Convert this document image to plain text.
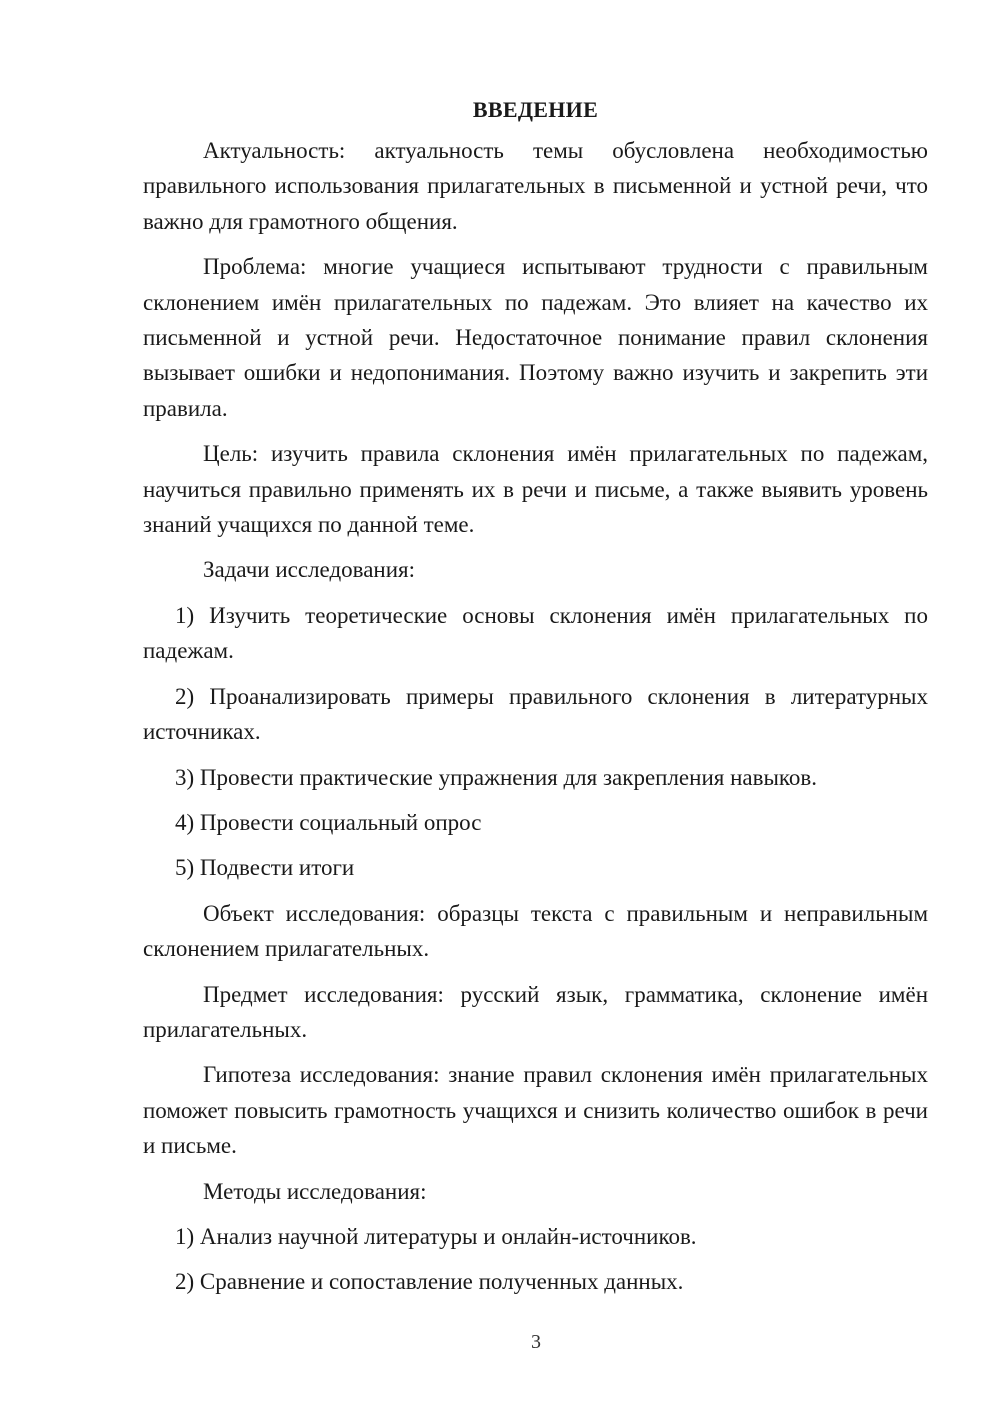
ВВЕДЕНИЕ

Актуальность: актуальность темы обусловлена необходимостью правильного использования прилагательных в письменной и устной речи, что важно для грамотного общения.

Проблема: многие учащиеся испытывают трудности с правильным склонением имён прилагательных по падежам. Это влияет на качество их письменной и устной речи. Недостаточное понимание правил склонения вызывает ошибки и недопонимания. Поэтому важно изучить и закрепить эти правила.

Цель: изучить правила склонения имён прилагательных по падежам, научиться правильно применять их в речи и письме, а также выявить уровень знаний учащихся по данной теме.

Задачи исследования:

1) Изучить теоретические основы склонения имён прилагательных по падежам.

2) Проанализировать примеры правильного склонения в литературных источниках.

3) Провести практические упражнения для закрепления навыков.

4) Провести социальный опрос

5) Подвести итоги

Объект исследования: образцы текста с правильным и неправильным склонением прилагательных.

Предмет исследования: русский язык, грамматика, склонение имён прилагательных.

Гипотеза исследования: знание правил склонения имён прилагательных поможет повысить грамотность учащихся и снизить количество ошибок в речи и письме.

Методы исследования:

1) Анализ научной литературы и онлайн-источников.

2) Сравнение и сопоставление полученных данных.

3
